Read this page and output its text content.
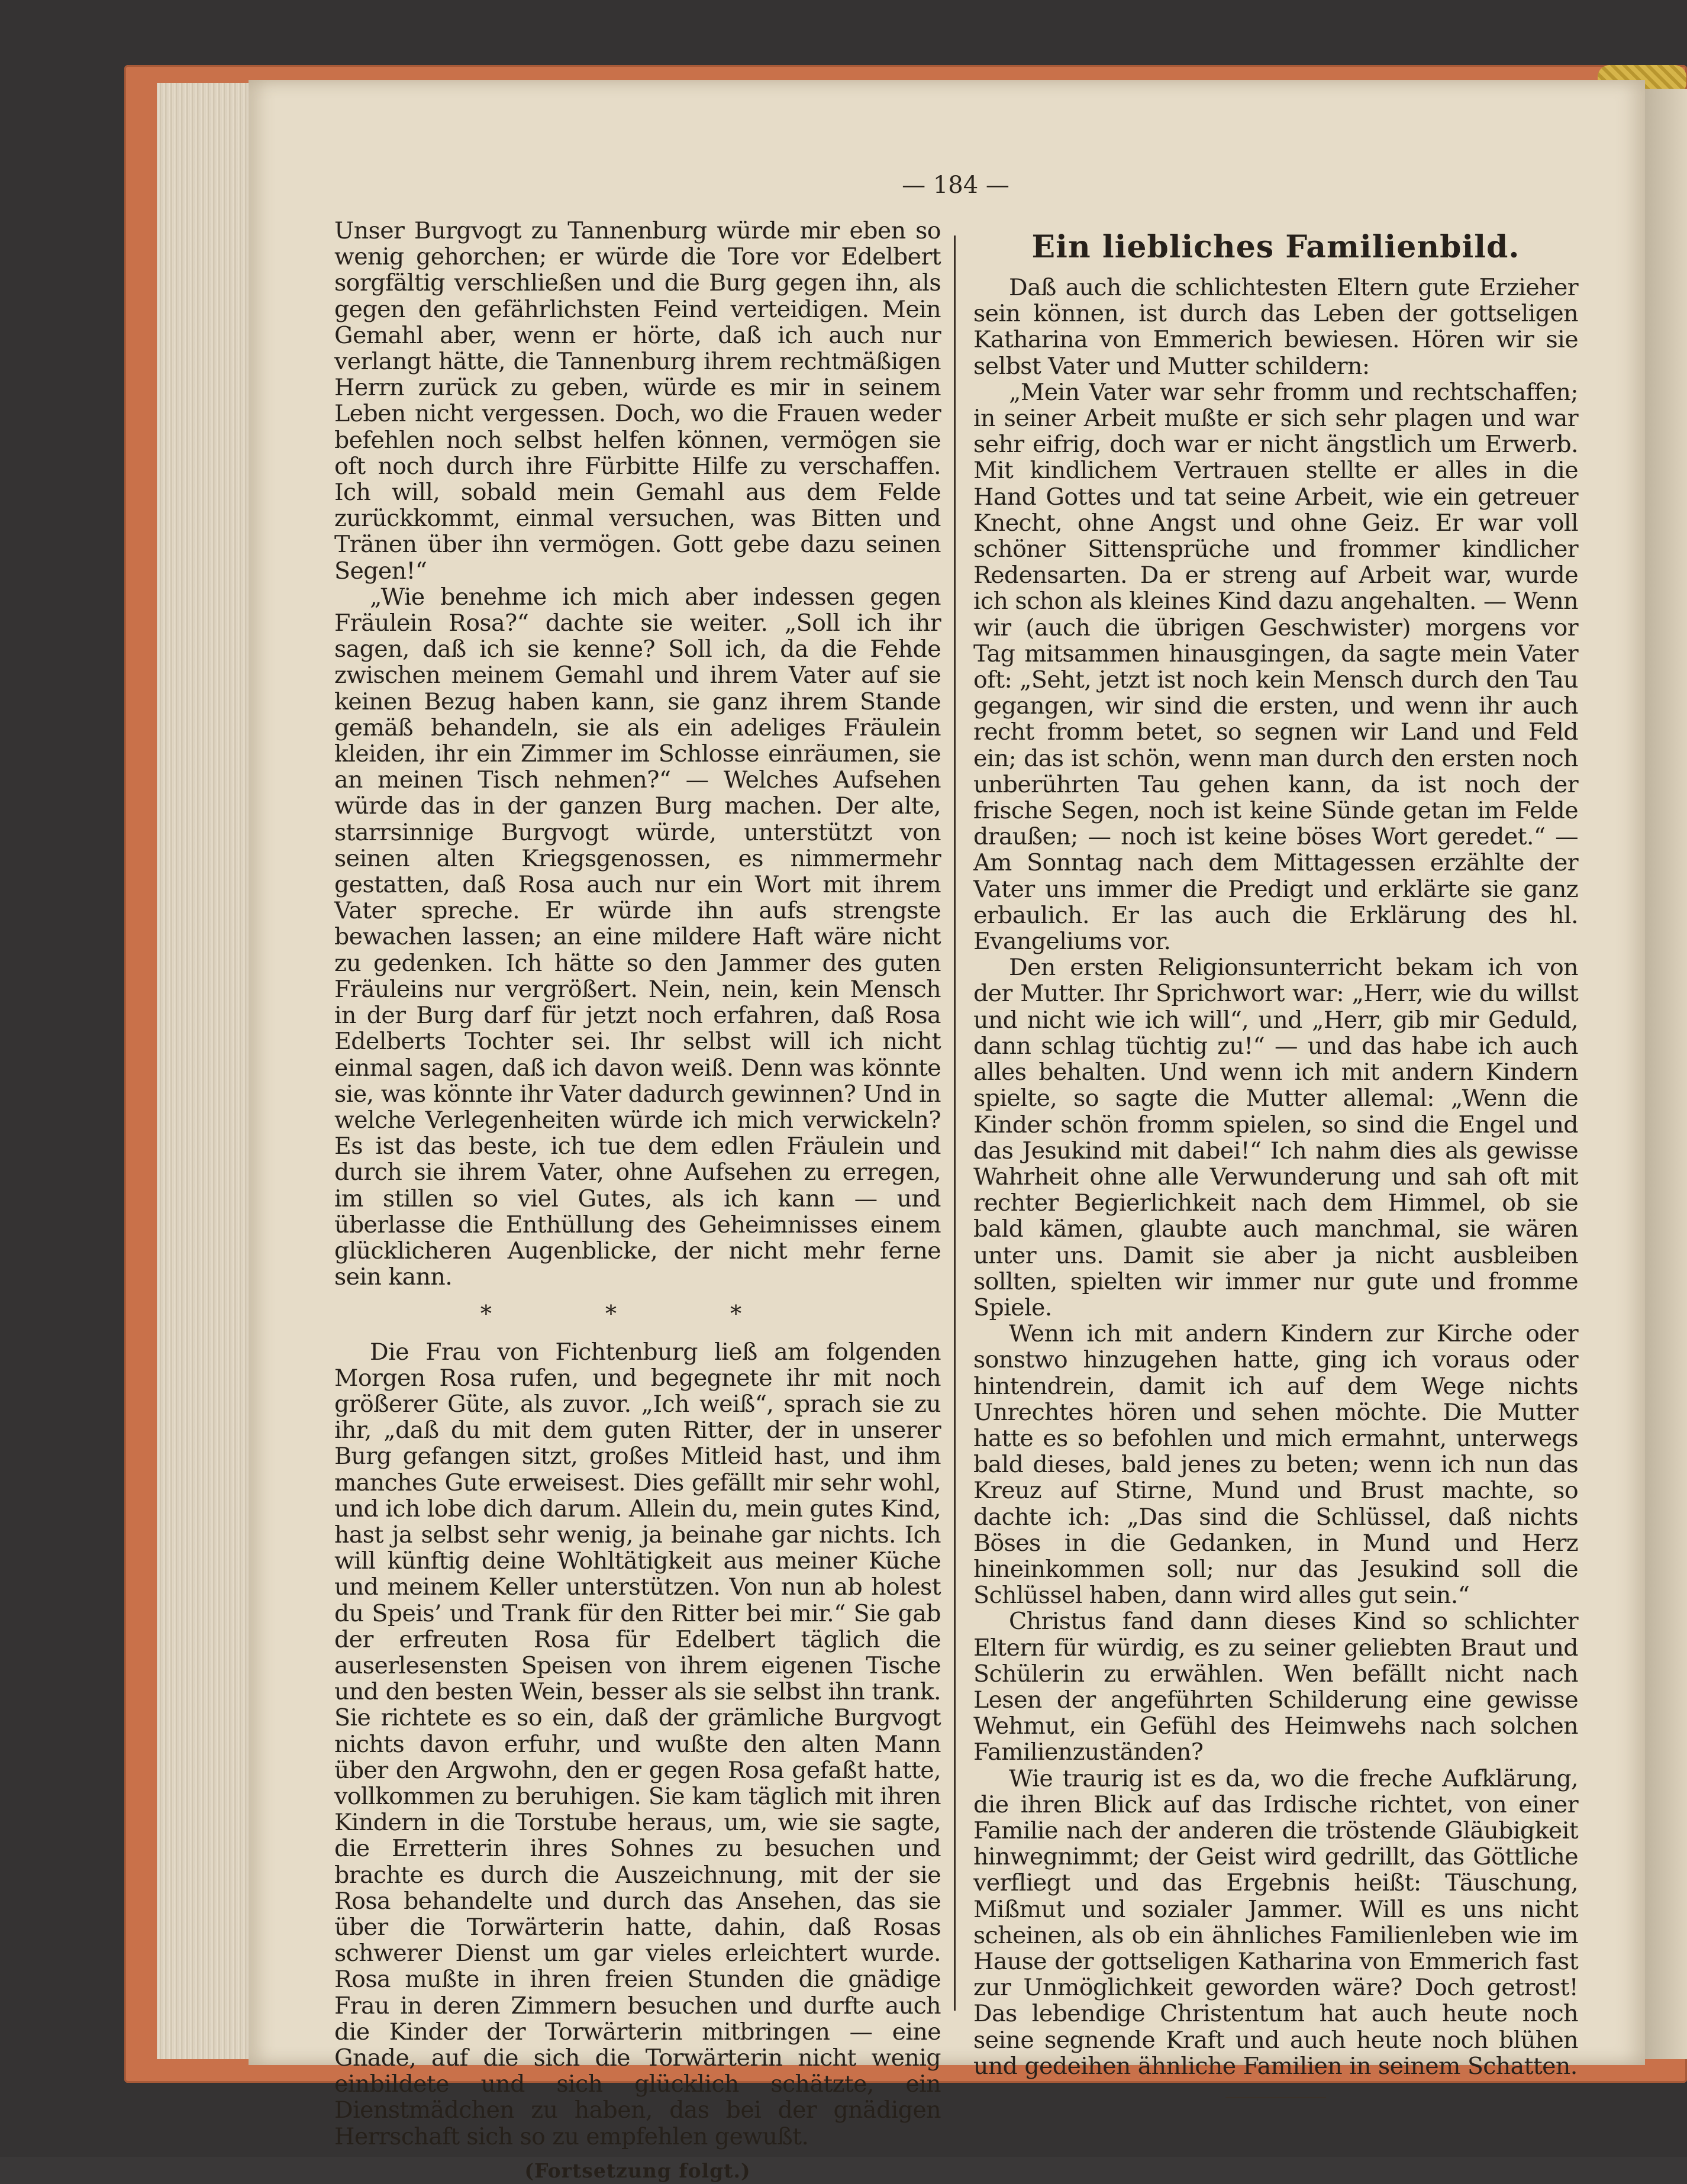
— 184 —

Unser Burgvogt zu Tannenburg würde mir eben so wenig gehorchen; er würde die Tore vor Edelbert sorgfältig verschließen und die Burg gegen ihn, als gegen den gefährlichsten Feind verteidigen. Mein Gemahl aber, wenn er hörte, daß ich auch nur verlangt hätte, die Tannenburg ihrem rechtmäßigen Herrn zurück zu geben, würde es mir in seinem Leben nicht vergessen. Doch, wo die Frauen weder befehlen noch selbst helfen können, vermögen sie oft noch durch ihre Fürbitte Hilfe zu verschaffen. Ich will, sobald mein Gemahl aus dem Felde zurückkommt, einmal versuchen, was Bitten und Tränen über ihn vermögen. Gott gebe dazu seinen Segen!“

„Wie benehme ich mich aber indessen gegen Fräulein Rosa?“ dachte sie weiter. „Soll ich ihr sagen, daß ich sie kenne? Soll ich, da die Fehde zwischen meinem Gemahl und ihrem Vater auf sie keinen Bezug haben kann, sie ganz ihrem Stande gemäß behandeln, sie als ein adeliges Fräulein kleiden, ihr ein Zimmer im Schlosse einräumen, sie an meinen Tisch nehmen?“ — Welches Aufsehen würde das in der ganzen Burg machen. Der alte, starrsinnige Burgvogt würde, unterstützt von seinen alten Kriegsgenossen, es nimmermehr gestatten, daß Rosa auch nur ein Wort mit ihrem Vater spreche. Er würde ihn aufs strengste bewachen lassen; an eine mildere Haft wäre nicht zu gedenken. Ich hätte so den Jammer des guten Fräuleins nur vergrößert. Nein, nein, kein Mensch in der Burg darf für jetzt noch erfahren, daß Rosa Edelberts Tochter sei. Ihr selbst will ich nicht einmal sagen, daß ich davon weiß. Denn was könnte sie, was könnte ihr Vater dadurch gewinnen? Und in welche Verlegenheiten würde ich mich verwickeln? Es ist das beste, ich tue dem edlen Fräulein und durch sie ihrem Vater, ohne Aufsehen zu erregen, im stillen so viel Gutes, als ich kann — und überlasse die Enthüllung des Geheimnisses einem glücklicheren Augenblicke, der nicht mehr ferne sein kann.

* * *

Die Frau von Fichtenburg ließ am folgenden Morgen Rosa rufen, und begegnete ihr mit noch größerer Güte, als zuvor. „Ich weiß“, sprach sie zu ihr, „daß du mit dem guten Ritter, der in unserer Burg gefangen sitzt, großes Mitleid hast, und ihm manches Gute erweisest. Dies gefällt mir sehr wohl, und ich lobe dich darum. Allein du, mein gutes Kind, hast ja selbst sehr wenig, ja beinahe gar nichts. Ich will künftig deine Wohltätigkeit aus meiner Küche und meinem Keller unterstützen. Von nun ab holest du Speis’ und Trank für den Ritter bei mir.“ Sie gab der erfreuten Rosa für Edelbert täglich die auserlesensten Speisen von ihrem eigenen Tische und den besten Wein, besser als sie selbst ihn trank. Sie richtete es so ein, daß der grämliche Burgvogt nichts davon erfuhr, und wußte den alten Mann über den Argwohn, den er gegen Rosa gefaßt hatte, vollkommen zu beruhigen. Sie kam täglich mit ihren Kindern in die Torstube heraus, um, wie sie sagte, die Erretterin ihres Sohnes zu besuchen und brachte es durch die Auszeichnung, mit der sie Rosa behandelte und durch das Ansehen, das sie über die Torwärterin hatte, dahin, daß Rosas schwerer Dienst um gar vieles erleichtert wurde. Rosa mußte in ihren freien Stunden die gnädige Frau in deren Zimmern besuchen und durfte auch die Kinder der Torwärterin mitbringen — eine Gnade, auf die sich die Torwärterin nicht wenig einbildete und sich glücklich schätzte, ein Dienstmädchen zu haben, das bei der gnädigen Herrschaft sich so zu empfehlen gewußt.

(Fortsetzung folgt.)

Ein liebliches Familienbild.

Daß auch die schlichtesten Eltern gute Erzieher sein können, ist durch das Leben der gottseligen Katharina von Emmerich bewiesen. Hören wir sie selbst Vater und Mutter schildern:

„Mein Vater war sehr fromm und rechtschaffen; in seiner Arbeit mußte er sich sehr plagen und war sehr eifrig, doch war er nicht ängstlich um Erwerb. Mit kindlichem Vertrauen stellte er alles in die Hand Gottes und tat seine Arbeit, wie ein getreuer Knecht, ohne Angst und ohne Geiz. Er war voll schöner Sittensprüche und frommer kindlicher Redensarten. Da er streng auf Arbeit war, wurde ich schon als kleines Kind dazu angehalten. — Wenn wir (auch die übrigen Geschwister) morgens vor Tag mitsammen hinausgingen, da sagte mein Vater oft: „Seht, jetzt ist noch kein Mensch durch den Tau gegangen, wir sind die ersten, und wenn ihr auch recht fromm betet, so segnen wir Land und Feld ein; das ist schön, wenn man durch den ersten noch unberührten Tau gehen kann, da ist noch der frische Segen, noch ist keine Sünde getan im Felde draußen; — noch ist keine böses Wort geredet.“ — Am Sonntag nach dem Mittagessen erzählte der Vater uns immer die Predigt und erklärte sie ganz erbaulich. Er las auch die Erklärung des hl. Evangeliums vor.

Den ersten Religionsunterricht bekam ich von der Mutter. Ihr Sprichwort war: „Herr, wie du willst und nicht wie ich will“, und „Herr, gib mir Geduld, dann schlag tüchtig zu!“ — und das habe ich auch alles behalten. Und wenn ich mit andern Kindern spielte, so sagte die Mutter allemal: „Wenn die Kinder schön fromm spielen, so sind die Engel und das Jesukind mit dabei!“ Ich nahm dies als gewisse Wahrheit ohne alle Verwunderung und sah oft mit rechter Begierlichkeit nach dem Himmel, ob sie bald kämen, glaubte auch manchmal, sie wären unter uns. Damit sie aber ja nicht ausbleiben sollten, spielten wir immer nur gute und fromme Spiele.

Wenn ich mit andern Kindern zur Kirche oder sonstwo hinzugehen hatte, ging ich voraus oder hintendrein, damit ich auf dem Wege nichts Unrechtes hören und sehen möchte. Die Mutter hatte es so befohlen und mich ermahnt, unterwegs bald dieses, bald jenes zu beten; wenn ich nun das Kreuz auf Stirne, Mund und Brust machte, so dachte ich: „Das sind die Schlüssel, daß nichts Böses in die Gedanken, in Mund und Herz hineinkommen soll; nur das Jesukind soll die Schlüssel haben, dann wird alles gut sein.“

Christus fand dann dieses Kind so schlichter Eltern für würdig, es zu seiner geliebten Braut und Schülerin zu erwählen. Wen befällt nicht nach Lesen der angeführten Schilderung eine gewisse Wehmut, ein Gefühl des Heimwehs nach solchen Familienzuständen?

Wie traurig ist es da, wo die freche Aufklärung, die ihren Blick auf das Irdische richtet, von einer Familie nach der anderen die tröstende Gläubigkeit hinwegnimmt; der Geist wird gedrillt, das Göttliche verfliegt und das Ergebnis heißt: Täuschung, Mißmut und sozialer Jammer. Will es uns nicht scheinen, als ob ein ähnliches Familienleben wie im Hause der gottseligen Katharina von Emmerich fast zur Unmöglichkeit geworden wäre? Doch getrost! Das lebendige Christentum hat auch heute noch seine segnende Kraft und auch heute noch blühen und gedeihen ähnliche Familien in seinem Schatten.
